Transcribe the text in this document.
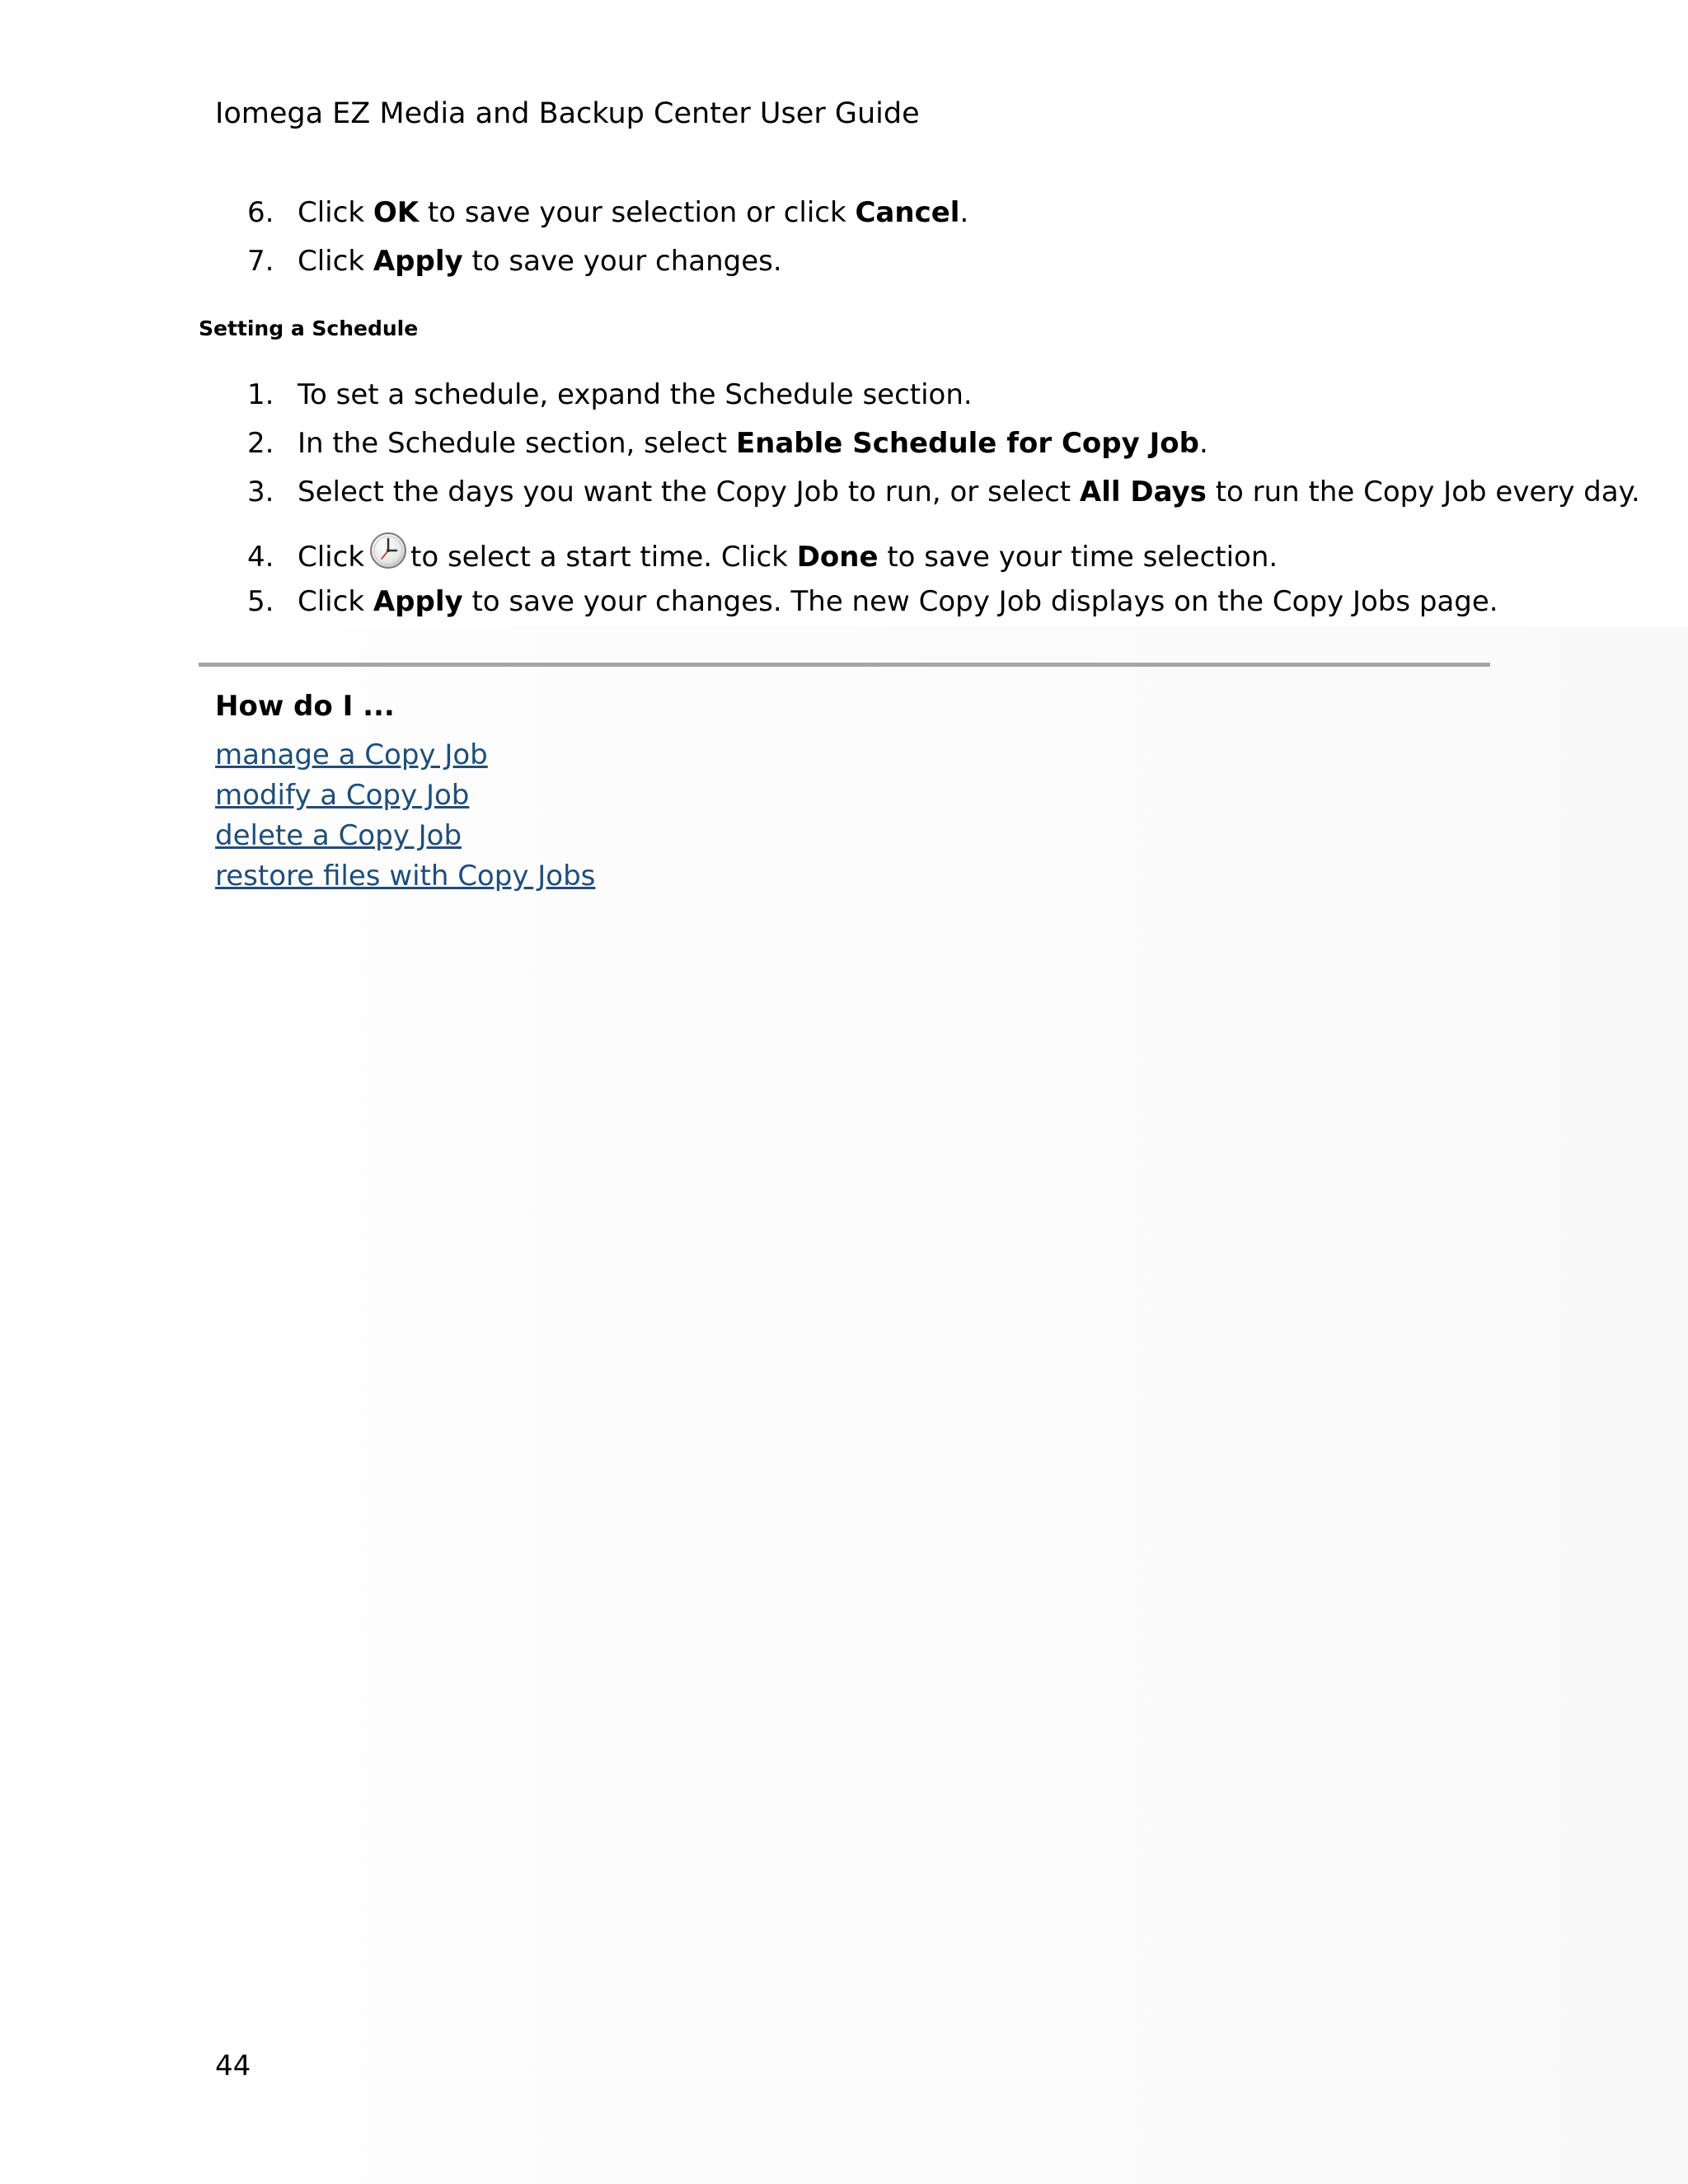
Iomega EZ Media and Backup Center User Guide
6. Click OK to save your selection or click Cancel.
7. Click Apply to save your changes.
Setting a Schedule
1. To set a schedule, expand the Schedule section.
2. In the Schedule section, select Enable Schedule for Copy Job.
3. Select the days you want the Copy Job to run, or select All Days to run the Copy Job every day.
4. Click to select a start time. Click Done to save your time selection.
5. Click Apply to save your changes. The new Copy Job displays on the Copy Jobs page.
How do I ...
manage a Copy Job
modify a Copy Job
delete a Copy Job
restore files with Copy Jobs
44
